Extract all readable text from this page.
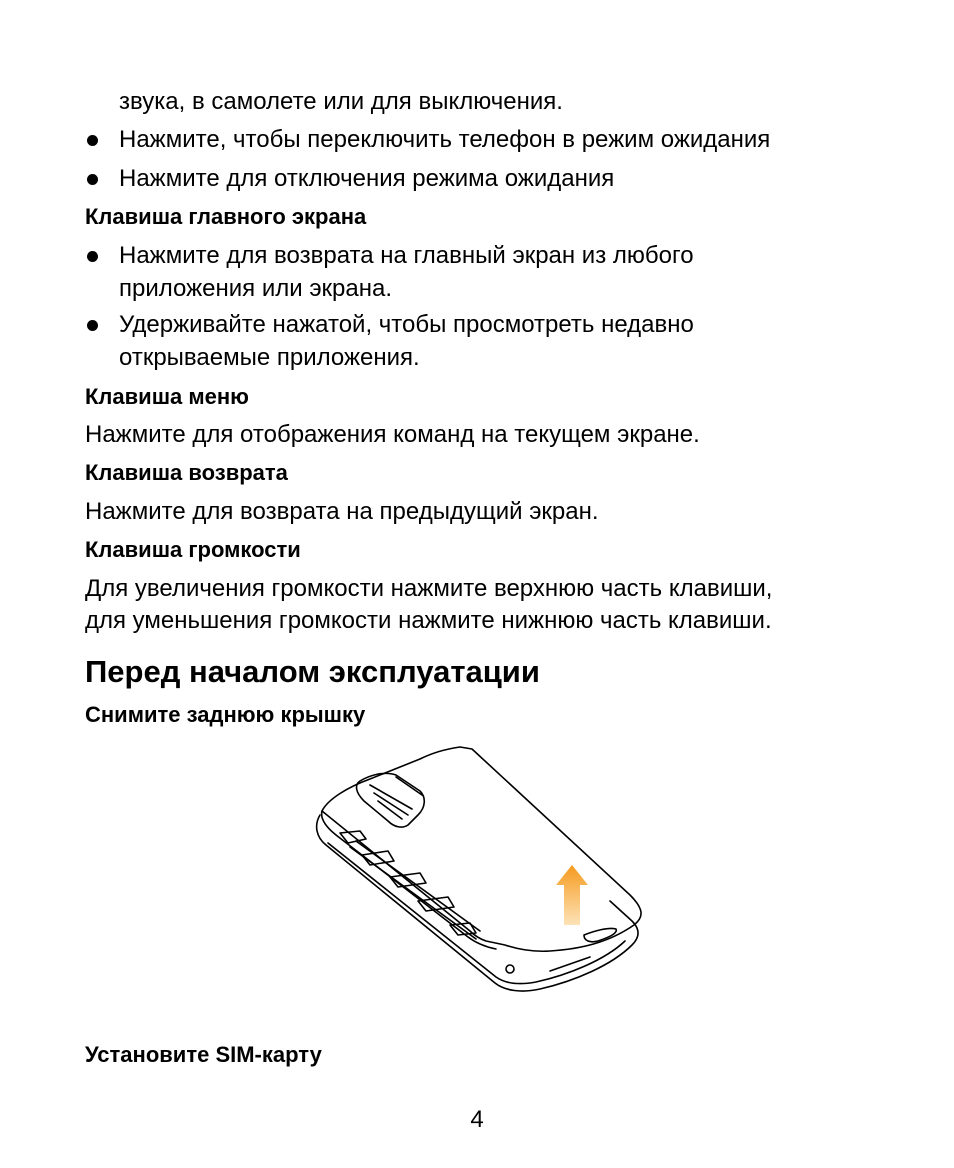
звука, в самолете или для выключения.
Нажмите, чтобы переключить телефон в режим ожидания
Нажмите для отключения режима ожидания
Клавиша главного экрана
Нажмите для возврата на главный экран из любого
приложения или экрана.
Удерживайте нажатой, чтобы просмотреть недавно
открываемые приложения.
Клавиша меню
Нажмите для отображения команд на текущем экране.
Клавиша возврата
Нажмите для возврата на предыдущий экран.
Клавиша громкости
Для увеличения громкости нажмите верхнюю часть клавиши,
для уменьшения громкости нажмите нижнюю часть клавиши.
Перед началом эксплуатации
Снимите заднюю крышку
Установите SIM-карту
4
